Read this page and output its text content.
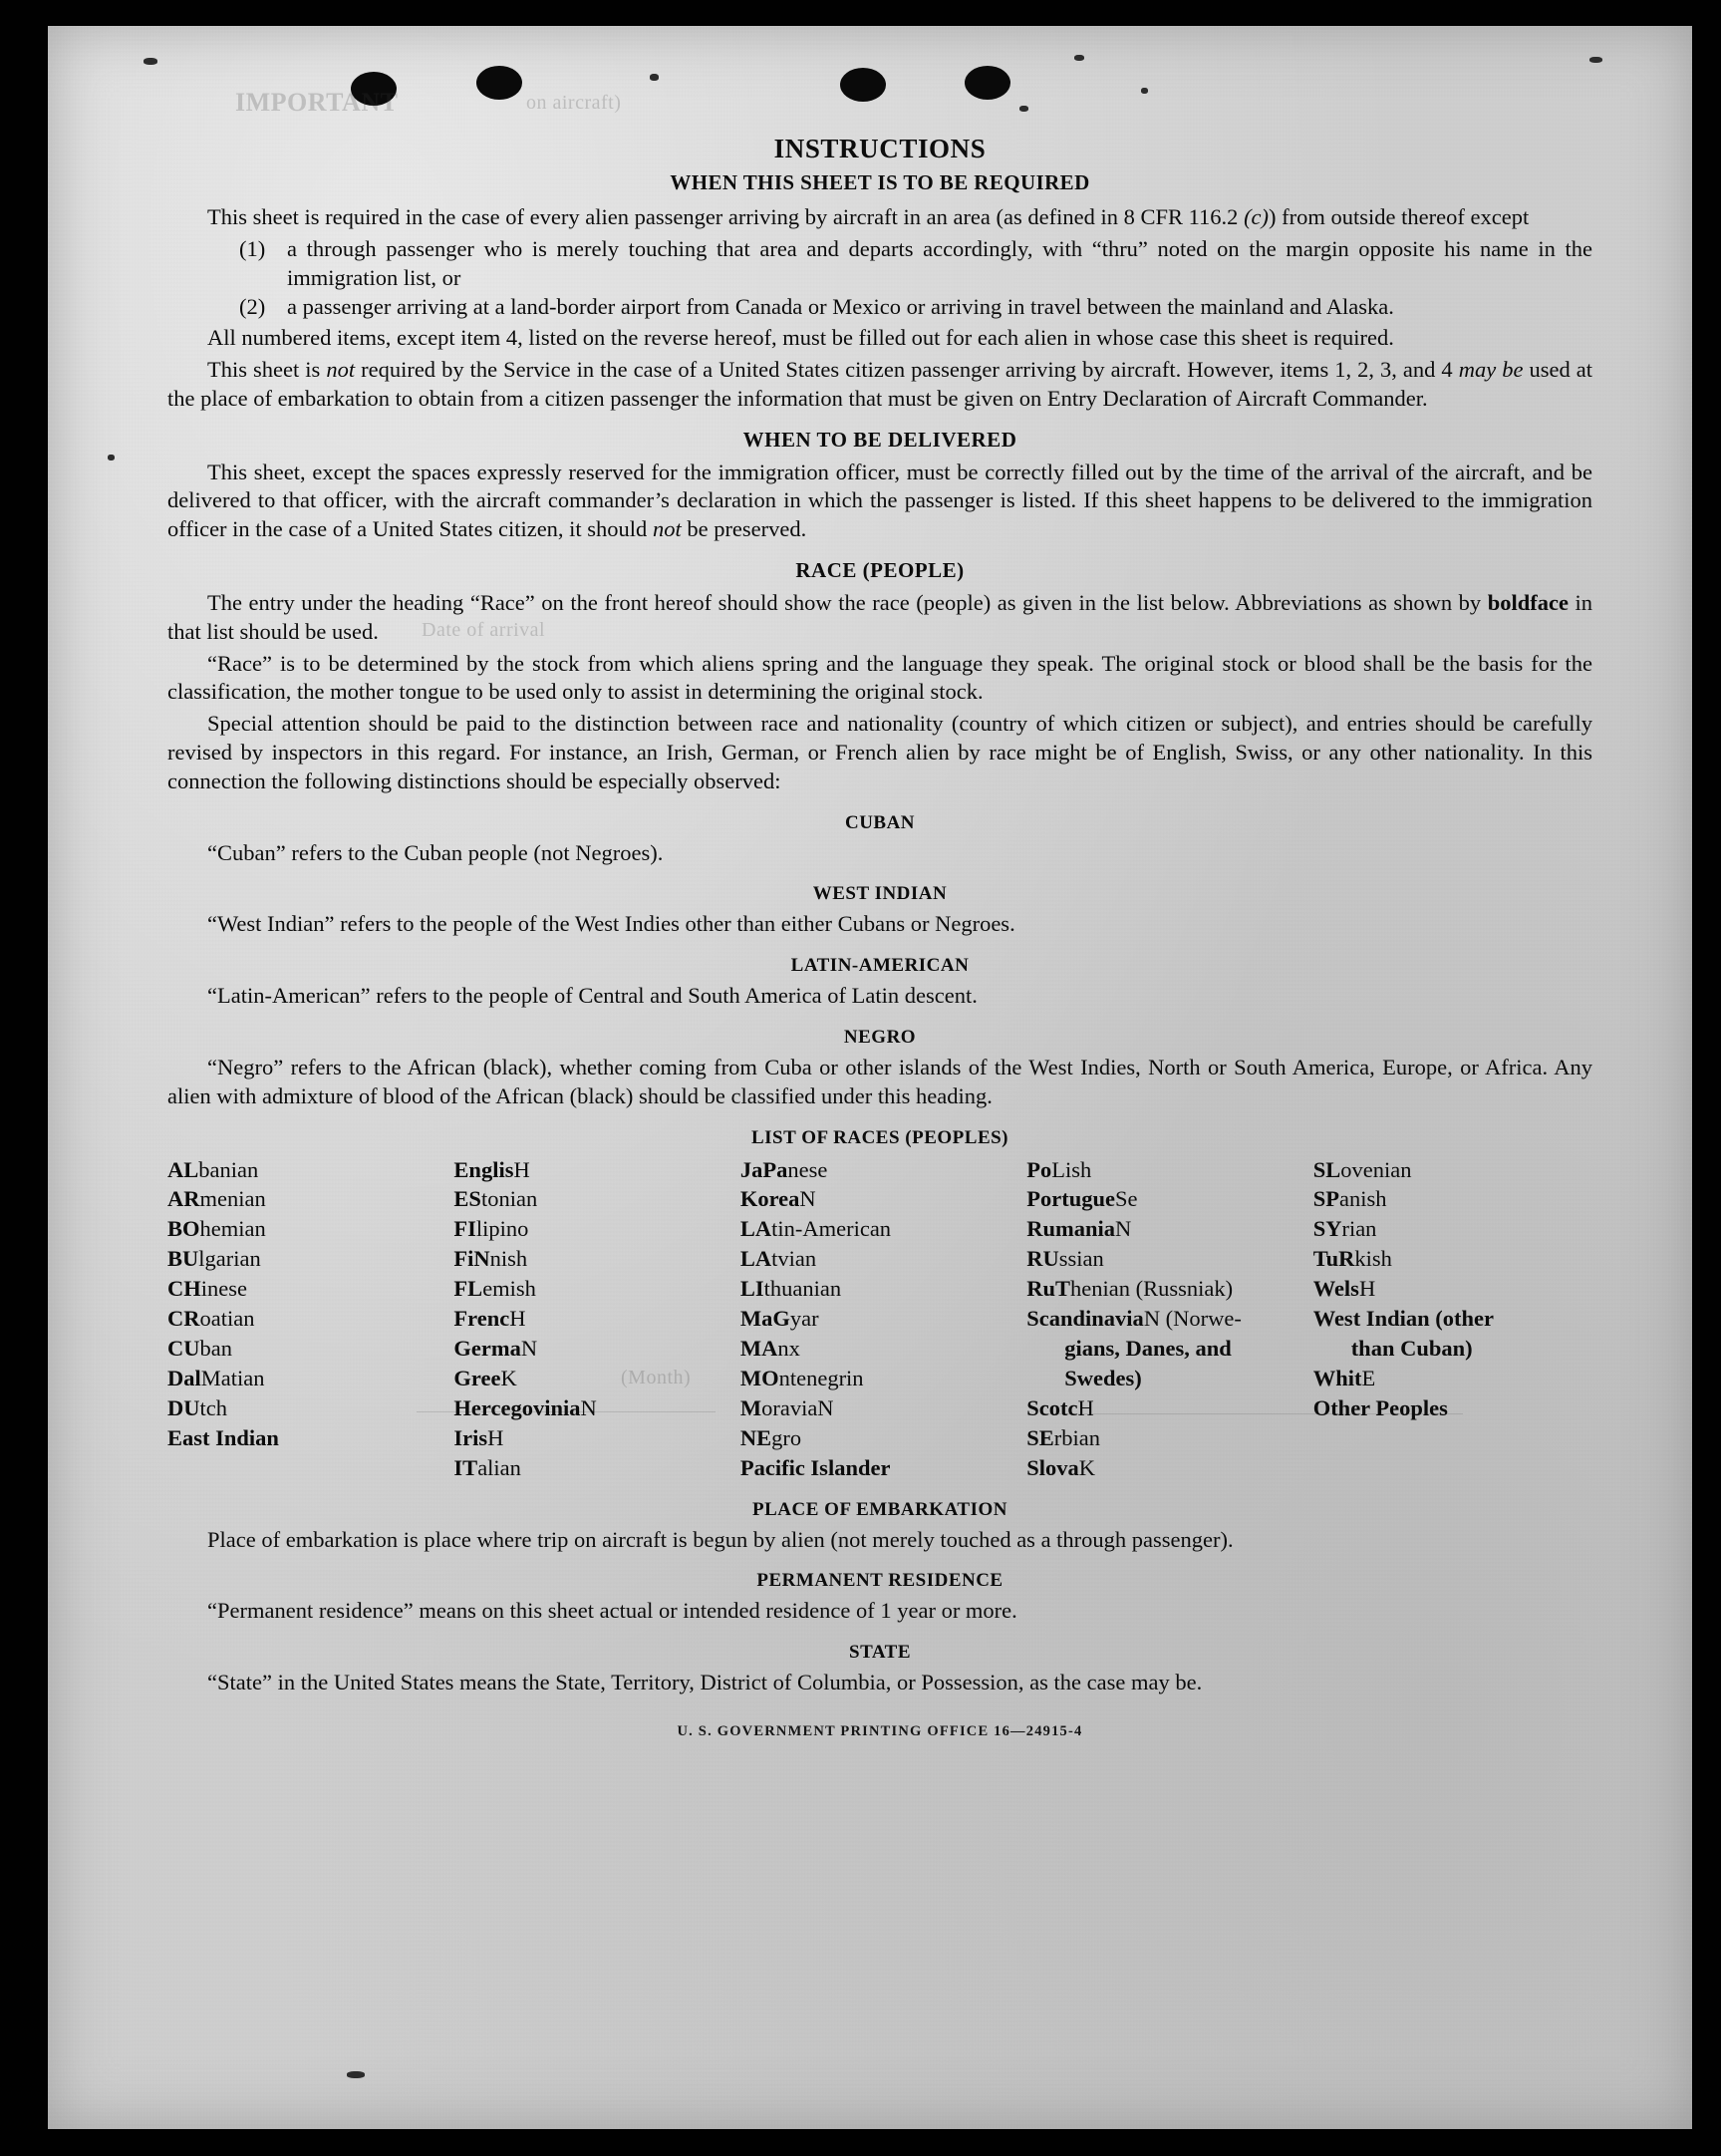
IMPORTANT	on aircraft)
Date of arrival
(Month)
INSTRUCTIONS
WHEN THIS SHEET IS TO BE REQUIRED

This sheet is required in the case of every alien passenger arriving by aircraft in an area (as defined in 8 CFR 116.2 (c)) from outside thereof except

(1) a through passenger who is merely touching that area and departs accordingly, with “thru” noted on the margin opposite his name in the immigration list, or
(2) a passenger arriving at a land-border airport from Canada or Mexico or arriving in travel between the mainland and Alaska.

All numbered items, except item 4, listed on the reverse hereof, must be filled out for each alien in whose case this sheet is required.

This sheet is not required by the Service in the case of a United States citizen passenger arriving by aircraft. However, items 1, 2, 3, and 4 may be used at the place of embarkation to obtain from a citizen passenger the information that must be given on Entry Declaration of Aircraft Commander.

WHEN TO BE DELIVERED

This sheet, except the spaces expressly reserved for the immigration officer, must be correctly filled out by the time of the arrival of the aircraft, and be delivered to that officer, with the aircraft commander’s declaration in which the passenger is listed. If this sheet happens to be delivered to the immigration officer in the case of a United States citizen, it should not be preserved.

RACE (PEOPLE)

The entry under the heading “Race” on the front hereof should show the race (people) as given in the list below. Abbreviations as shown by boldface in that list should be used.

“Race” is to be determined by the stock from which aliens spring and the language they speak. The original stock or blood shall be the basis for the classification, the mother tongue to be used only to assist in determining the original stock.

Special attention should be paid to the distinction between race and nationality (country of which citizen or subject), and entries should be carefully revised by inspectors in this regard. For instance, an Irish, German, or French alien by race might be of English, Swiss, or any other nationality. In this connection the following distinctions should be especially observed:

CUBAN

“Cuban” refers to the Cuban people (not Negroes).

WEST INDIAN

“West Indian” refers to the people of the West Indies other than either Cubans or Negroes.

LATIN-AMERICAN

“Latin-American” refers to the people of Central and South America of Latin descent.

NEGRO

“Negro” refers to the African (black), whether coming from Cuba or other islands of the West Indies, North or South America, Europe, or Africa. Any alien with admixture of blood of the African (black) should be classified under this heading.

LIST OF RACES (PEOPLES)
ALbanian
ARmenian
BOhemian
BUlgarian
CHinese
CRoatian
CUban
DalMatian
DUtch
East Indian
EnglisH
EStonian
FIlipino
FiNnish
FLemish
FrencH
GermaN
GreeK
HercegoviniaN
IrisH
ITalian
JaPanese
KoreaN
LAtin-American
LAtvian
LIthuanian
MaGyar
MAnx
MOntenegrin
MoraviaN
NEgro
Pacific Islander
PoLish
PortugueSe
RumaniaN
RUssian
RuThenian (Russniak)
ScandinaviaN (Norwe-
gians, Danes, and
Swedes)
ScotcH
SErbian
SlovaK
SLovenian
SPanish
SYrian
TuRkish
WelsH
West Indian (other
than Cuban)
WhitE
Other Peoples
PLACE OF EMBARKATION

Place of embarkation is place where trip on aircraft is begun by alien (not merely touched as a through passenger).

PERMANENT RESIDENCE

“Permanent residence” means on this sheet actual or intended residence of 1 year or more.

STATE

“State” in the United States means the State, Territory, District of Columbia, or Possession, as the case may be.

U. S. GOVERNMENT PRINTING OFFICE 16—24915-4
